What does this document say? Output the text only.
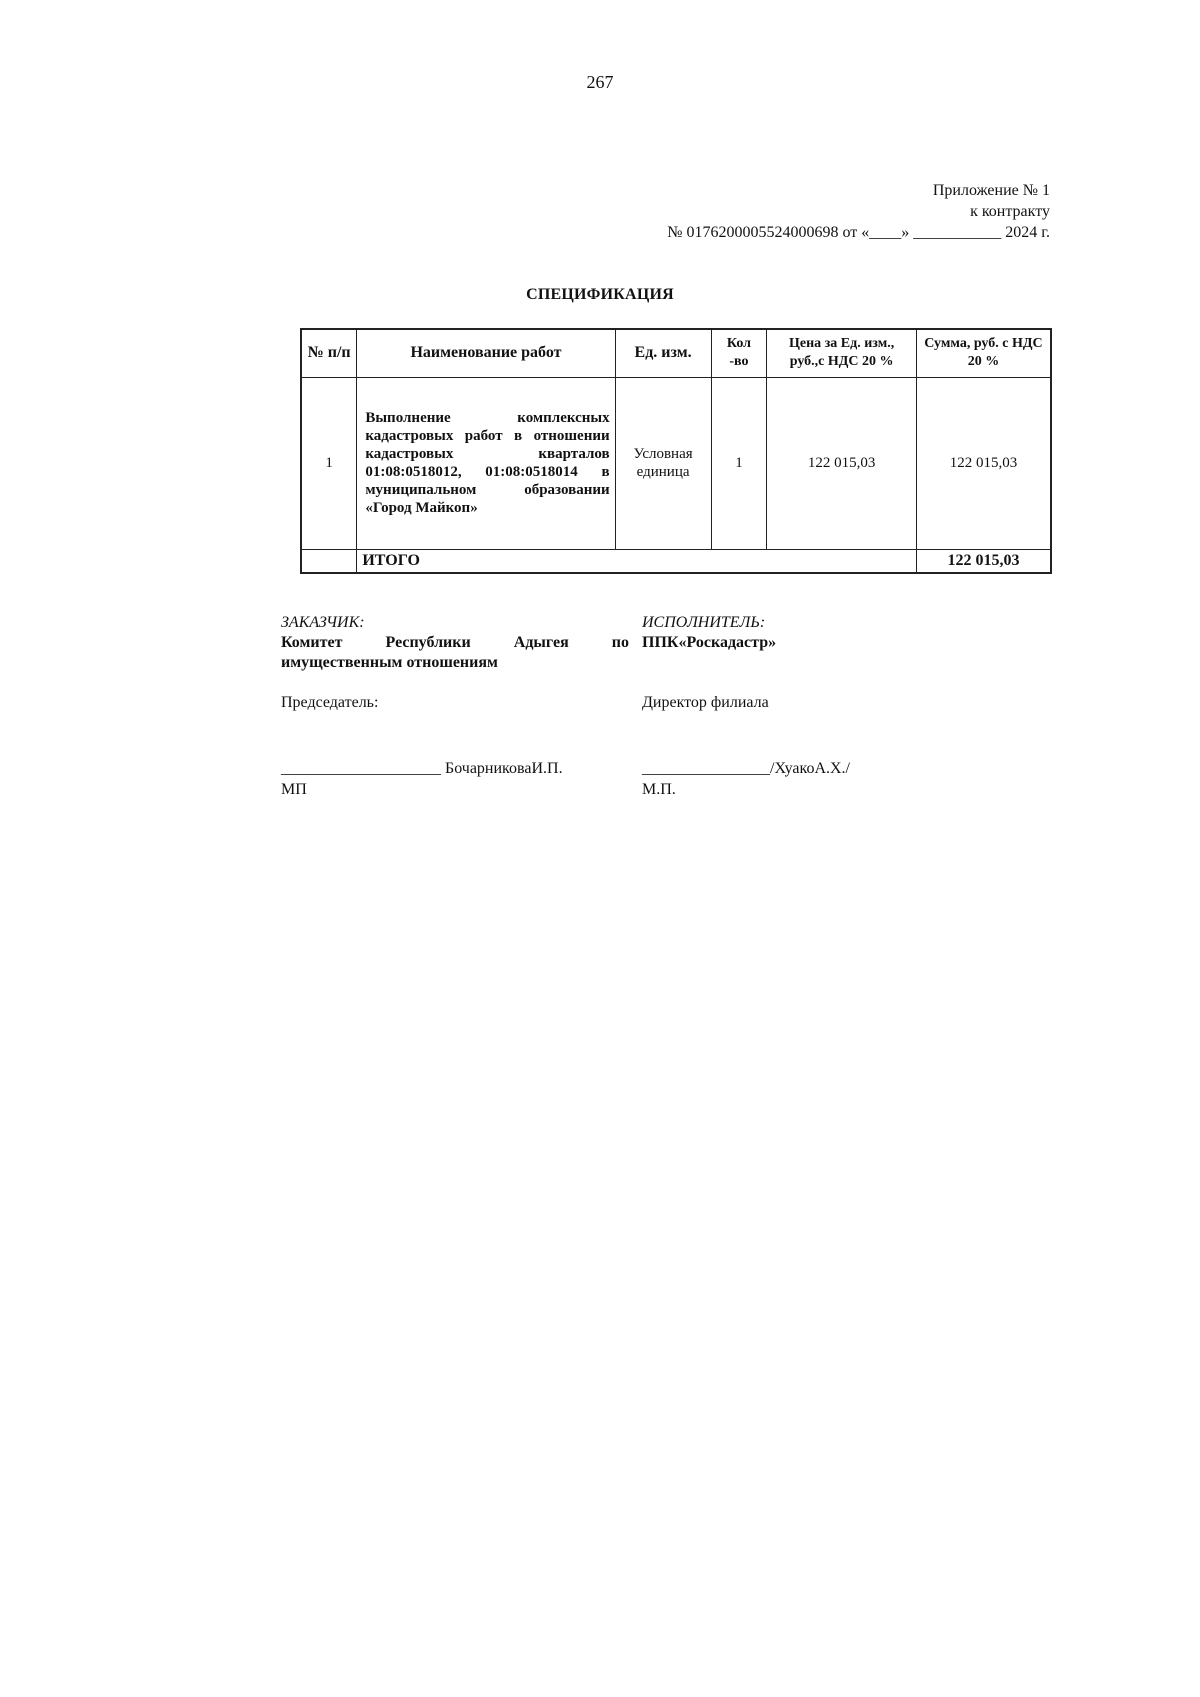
267
Приложение № 1
к контракту
№ 0176200005524000698 от «____» ___________ 2024 г.
СПЕЦИФИКАЦИЯ
№ п/п	Наименование работ	Ед. изм.	Кол -во	Цена за Ед. изм., руб.,с НДС 20 %	Сумма, руб. с НДС 20 %
1	Выполнение комплексных кадастровых работ в отношении кадастровых кварталов 01:08:0518012, 01:08:0518014 в муниципальном образовании «Город Майкоп»	Условная единица	1	122 015,03	122 015,03
	ИТОГО				122 015,03
ЗАКАЗЧИК:
Комитет Республики Адыгея по имущественным отношениям
ИСПОЛНИТЕЛЬ:
ППК«Роскадастр»
Председатель:	Директор филиала
____________________ БочарниковаИ.П.	________________/ХуакоА.Х./
МП	М.П.
